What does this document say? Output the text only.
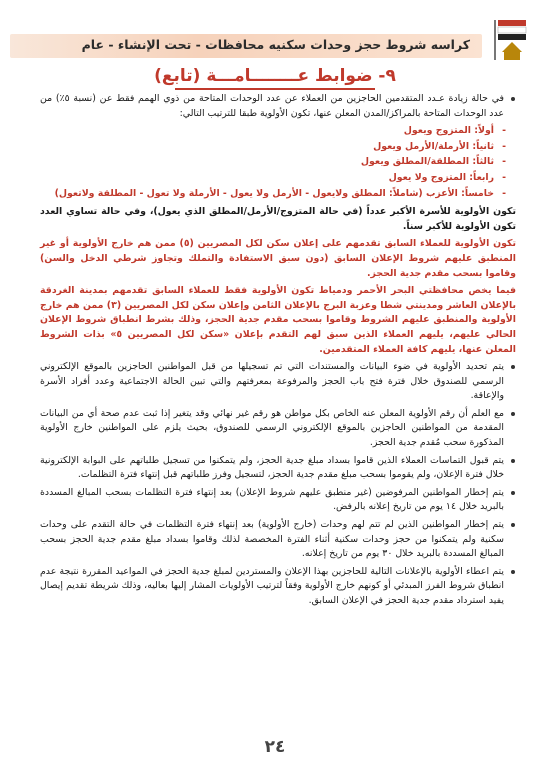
كراسه شروط حجز وحدات سكنيه محافظات - تحت الإنشاء - عام
٩- ضوابط عــــــــامـــة (تابع)

في حالة زيادة عـدد المتقدمين الحاجزين من العملاء عن عدد الوحدات المتاحة من ذوي الهمم فقط عن (نسبة ٥٪) من عدد الوحدات المتاحة بالمراكز/المدن المعلن عنها، تكون الأولوية طبقا للترتيب التالي:

- أولاً: المتزوج ويعول
- ثانياً: الأرملة/الأرمل ويعول
- ثالثاً: المطلقة/المطلق ويعول
- رابعاً: المتزوج ولا يعول
- خامساً: الأعزب (شاملاً: المطلق ولايعول - الأرمل ولا يعول - الأرملة ولا تعول - المطلقة ولاتعول)

تكون الأولوية للأسرة الأكبر عدداً (في حالة المتزوج/الأرمل/المطلق الذي يعول)، وفي حالة تساوي العدد تكون الأولوية للأكبر سناً.

تكون الأولوية للعملاء السابق تقدمهم على إعلان سكن لكل المصريين (٥) ممن هم خارج الأولوية أو غير المنطبق عليهم شروط الإعلان السابق (دون سبق الاستفادة والتملك وتجاوز شرطي الدخل والسن) وقاموا بسحب مقدم جدية الحجز.

فيما يخص محافظتي البحر الأحمر ودمياط تكون الأولوية فقط للعملاء السابق تقدمهم بمدينة الغردقة بالإعلان العاشر ومدينتي شطا وعزبة البرج بالإعلان الثامن وإعلان سكن لكل المصريين (٣) ممن هم خارج الأولوية والمنطبق عليهم الشروط وقاموا بسحب مقدم جدية الحجز، وذلك بشرط انطباق شروط الإعلان الحالي عليهم، يليهم العملاء الذين سبق لهم التقدم بإعلان «سكن لكل المصريين ٥» بذات الشروط المعلن عنها، يليهم كافة العملاء المتقدمين.

يتم تحديد الأولوية في ضوء البيانات والمستندات التي تم تسجيلها من قبل المواطنين الحاجزين بالموقع الإلكتروني الرسمي للصندوق خلال فترة فتح باب الحجز والمرفوعة بمعرفتهم والتي تبين الحالة الاجتماعية وعدد أفراد الأسرة والإعاقة.

مع العلم أن رقم الأولوية المعلن عنه الخاص بكل مواطن هو رقم غير نهائي وقد يتغير إذا ثبت عدم صحة أي من البيانات المقدمة من المواطنين الحاجزين بالموقع الإلكتروني الرسمي للصندوق، بحيث يلزم على المواطنين خارج الأولوية المذكورة سحب مُقدم جدية الحجز.

يتم قبول التماسات العملاء الذين قاموا بسداد مبلغ جدية الحجز، ولم يتمكنوا من تسجيل طلباتهم على البوابة الإلكترونية خلال فترة الإعلان، ولم يقوموا بسحب مبلغ مقدم جدية الحجز، لتسجيل وفرز طلباتهم قبل إنتهاء فترة التظلمات.

يتم إخطار المواطنين المرفوضين (غير منطبق عليهم شروط الإعلان) بعد إنتهاء فترة التظلمات بسحب المبالغ المسددة بالبريد خلال ١٤ يوم من تاريخ إعلانه بالرفض.

يتم إخطار المواطنين الذين لم تتم لهم وحدات (خارج الأولوية) بعد إنتهاء فترة التظلمات في حالة التقدم على وحدات سكنية ولم يتمكنوا من حجز وحدات سكنية أثناء الفترة المخصصة لذلك وقاموا بسداد مبلغ مقدم جدية الحجز بسحب المبالغ المسددة بالبريد خلال ٣٠ يوم من تاريخ إعلانه.

يتم اعطاء الأولوية بالإعلانات التالية للحاجزين بهذا الإعلان والمستردين لمبلغ جدية الحجز في المواعيد المقررة نتيجة عدم انطباق شروط الفرز المبدئي أو كونهم خارج الأولوية وفقاً لترتيب الأولويات المشار إليها بعاليه، وذلك شريطة تقديم إيصال يفيد استرداد مقدم جدية الحجز في الإعلان السابق.

٢٤
